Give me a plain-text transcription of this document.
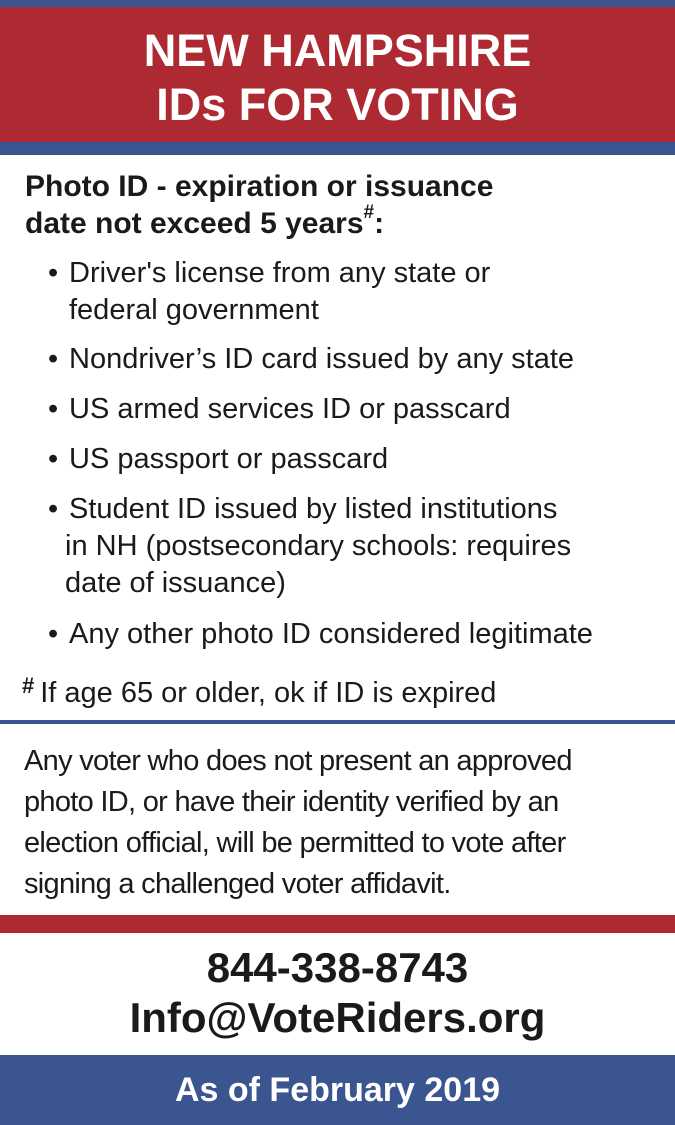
NEW HAMPSHIRE
IDs FOR VOTING
Photo ID - expiration or issuance
date not exceed 5 years#:
• Driver's license from any state or
federal government
• Nondriver’s ID card issued by any state
• US armed services ID or passcard
• US passport or passcard
• Student ID issued by listed institutions
in NH (postsecondary schools: requires
date of issuance)
• Any other photo ID considered legitimate
# If age 65 or older, ok if ID is expired
Any voter who does not present an approved
photo ID, or have their identity verified by an
election official, will be permitted to vote after
signing a challenged voter affidavit.
844-338-8743
Info@VoteRiders.org
As of February 2019
